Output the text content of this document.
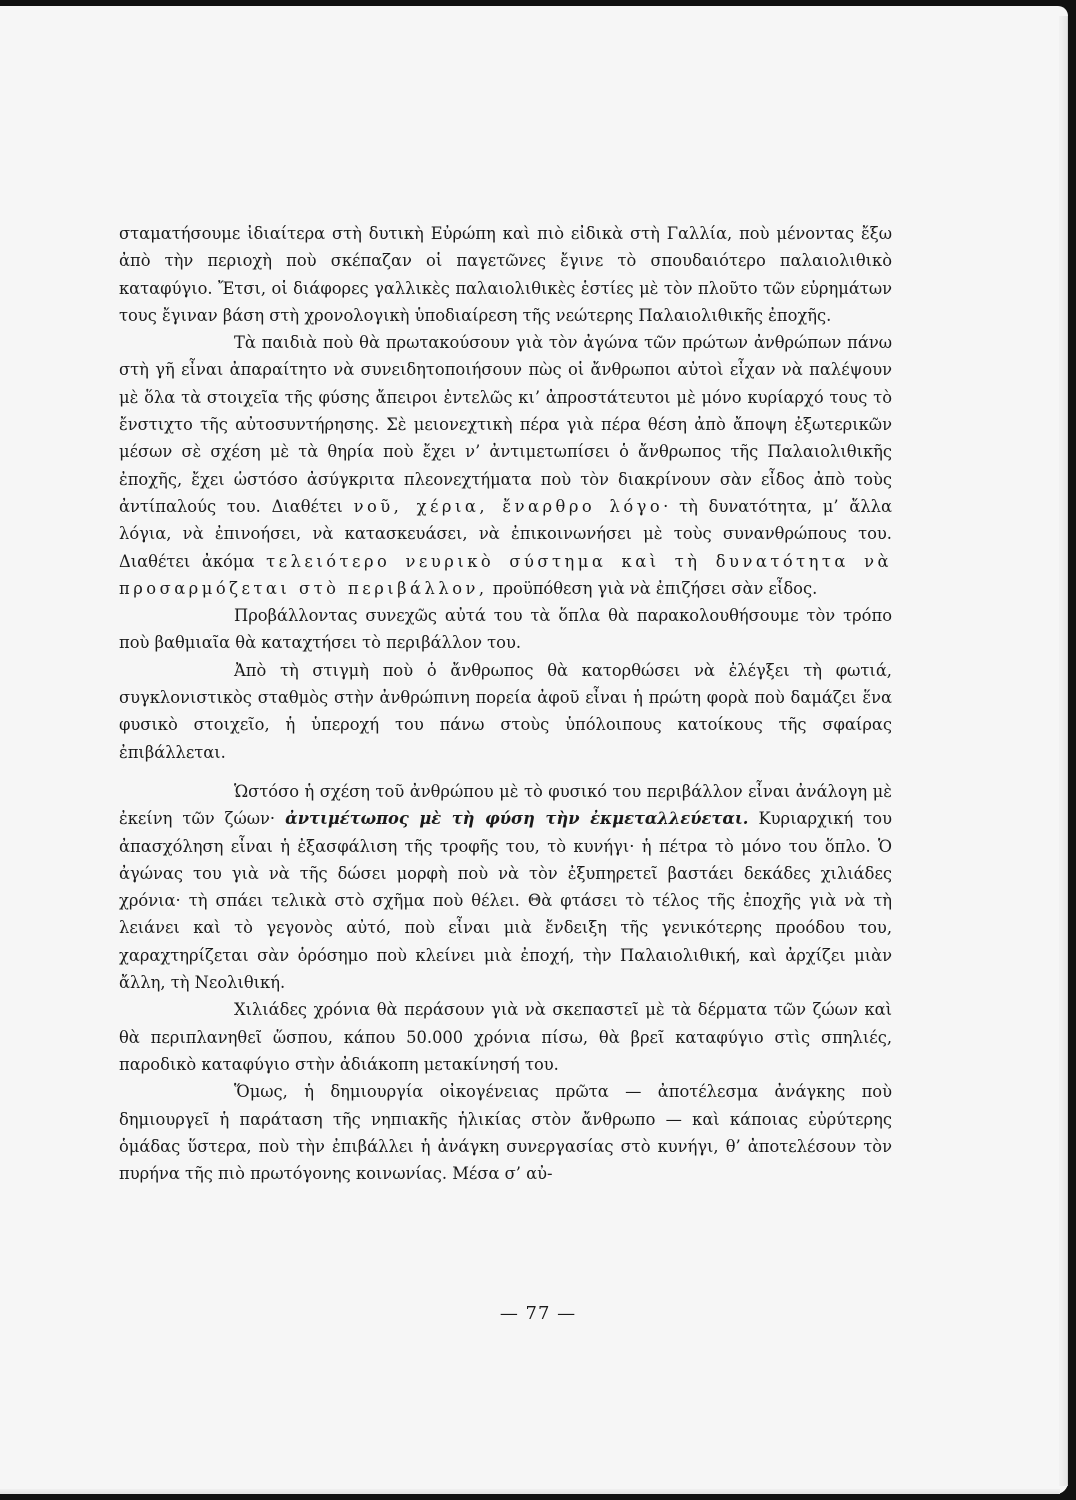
σταματήσουμε ἰδιαίτερα στὴ δυτικὴ Εὐρώπη καὶ πιὸ εἰδικὰ στὴ Γαλλία, ποὺ μένοντας ἔξω ἀπὸ τὴν περιοχὴ ποὺ σκέπαζαν οἱ παγετῶνες ἔγινε τὸ σπουδαιότερο παλαιολιθικὸ καταφύγιο. Ἔτσι, οἱ διάφορες γαλλικὲς παλαιολιθικὲς ἑστίες μὲ τὸν πλοῦτο τῶν εὑρημάτων τους ἔγιναν βάση στὴ χρονολογικὴ ὑποδιαίρεση τῆς νεώτερης Παλαιολιθικῆς ἐποχῆς.

Τὰ παιδιὰ ποὺ θὰ πρωτακούσουν γιὰ τὸν ἀγώνα τῶν πρώτων ἀνθρώπων πάνω στὴ γῆ εἶναι ἀπαραίτητο νὰ συνειδητοποιήσουν πὼς οἱ ἄνθρωποι αὐτοὶ εἶχαν νὰ παλέψουν μὲ ὅλα τὰ στοιχεῖα τῆς φύσης ἄπειροι ἐντελῶς κι’ ἀπροστάτευτοι μὲ μόνο κυρίαρχό τους τὸ ἔνστιχτο τῆς αὐτοσυντήρησης. Σὲ μειονεχτικὴ πέρα γιὰ πέρα θέση ἀπὸ ἄποψη ἐξωτερικῶν μέσων σὲ σχέση μὲ τὰ θηρία ποὺ ἔχει ν’ ἀντιμετωπίσει ὁ ἄνθρωπος τῆς Παλαιολιθικῆς ἐποχῆς, ἔχει ὡστόσο ἀσύγκριτα πλεονεχτήματα ποὺ τὸν διακρίνουν σὰν εἶδος ἀπὸ τοὺς ἀντίπαλούς του. Διαθέτει νοῦ, χέρια, ἔναρθρο λόγο· τὴ δυνατότητα, μ’ ἄλλα λόγια, νὰ ἐπινοήσει, νὰ κατασκευάσει, νὰ ἐπικοινωνήσει μὲ τοὺς συνανθρώπους του. Διαθέτει ἀκόμα τελειότερο νευρικὸ σύστημα καὶ τὴ δυνατότητα νὰ προσαρμόζεται στὸ περιβάλλον, προϋπόθεση γιὰ νὰ ἐπιζήσει σὰν εἶδος.

Προβάλλοντας συνεχῶς αὐτά του τὰ ὅπλα θὰ παρακολουθήσουμε τὸν τρόπο ποὺ βαθμιαῖα θὰ καταχτήσει τὸ περιβάλλον του.

Ἀπὸ τὴ στιγμὴ ποὺ ὁ ἄνθρωπος θὰ κατορθώσει νὰ ἐλέγξει τὴ φωτιά, συγκλονιστικὸς σταθμὸς στὴν ἀνθρώπινη πορεία ἀφοῦ εἶναι ἡ πρώτη φορὰ ποὺ δαμάζει ἕνα φυσικὸ στοιχεῖο, ἡ ὑπεροχή του πάνω στοὺς ὑπόλοιπους κατοίκους τῆς σφαίρας ἐπιβάλλεται.

Ὡστόσο ἡ σχέση τοῦ ἀνθρώπου μὲ τὸ φυσικό του περιβάλλον εἶναι ἀνάλογη μὲ ἐκείνη τῶν ζώων· ἀντιμέτωπος μὲ τὴ φύση τὴν ἐκμεταλλεύεται. Κυριαρχική του ἀπασχόληση εἶναι ἡ ἐξασφάλιση τῆς τροφῆς του, τὸ κυνήγι· ἡ πέτρα τὸ μόνο του ὅπλο. Ὁ ἀγώνας του γιὰ νὰ τῆς δώσει μορφὴ ποὺ νὰ τὸν ἐξυπηρετεῖ βαστάει δεκάδες χιλιάδες χρόνια· τὴ σπάει τελικὰ στὸ σχῆμα ποὺ θέλει. Θὰ φτάσει τὸ τέλος τῆς ἐποχῆς γιὰ νὰ τὴ λειάνει καὶ τὸ γεγονὸς αὐτό, ποὺ εἶναι μιὰ ἔνδειξη τῆς γενικότερης προόδου του, χαραχτηρίζεται σὰν ὁρόσημο ποὺ κλείνει μιὰ ἐποχή, τὴν Παλαιολιθική, καὶ ἀρχίζει μιὰν ἄλλη, τὴ Νεολιθική.

Χιλιάδες χρόνια θὰ περάσουν γιὰ νὰ σκεπαστεῖ μὲ τὰ δέρματα τῶν ζώων καὶ θὰ περιπλανηθεῖ ὥσπου, κάπου 50.000 χρόνια πίσω, θὰ βρεῖ καταφύγιο στὶς σπηλιές, παροδικὸ καταφύγιο στὴν ἀδιάκοπη μετακίνησή του.

Ὅμως, ἡ δημιουργία οἰκογένειας πρῶτα — ἀποτέλεσμα ἀνάγκης ποὺ δημιουργεῖ ἡ παράταση τῆς νηπιακῆς ἡλικίας στὸν ἄνθρωπο — καὶ κάποιας εὐρύτερης ὁμάδας ὕστερα, ποὺ τὴν ἐπιβάλλει ἡ ἀνάγκη συνεργασίας στὸ κυνήγι, θ’ ἀποτελέσουν τὸν πυρήνα τῆς πιὸ πρωτόγονης κοινωνίας. Μέσα σ’ αὐ-

— 77 —
